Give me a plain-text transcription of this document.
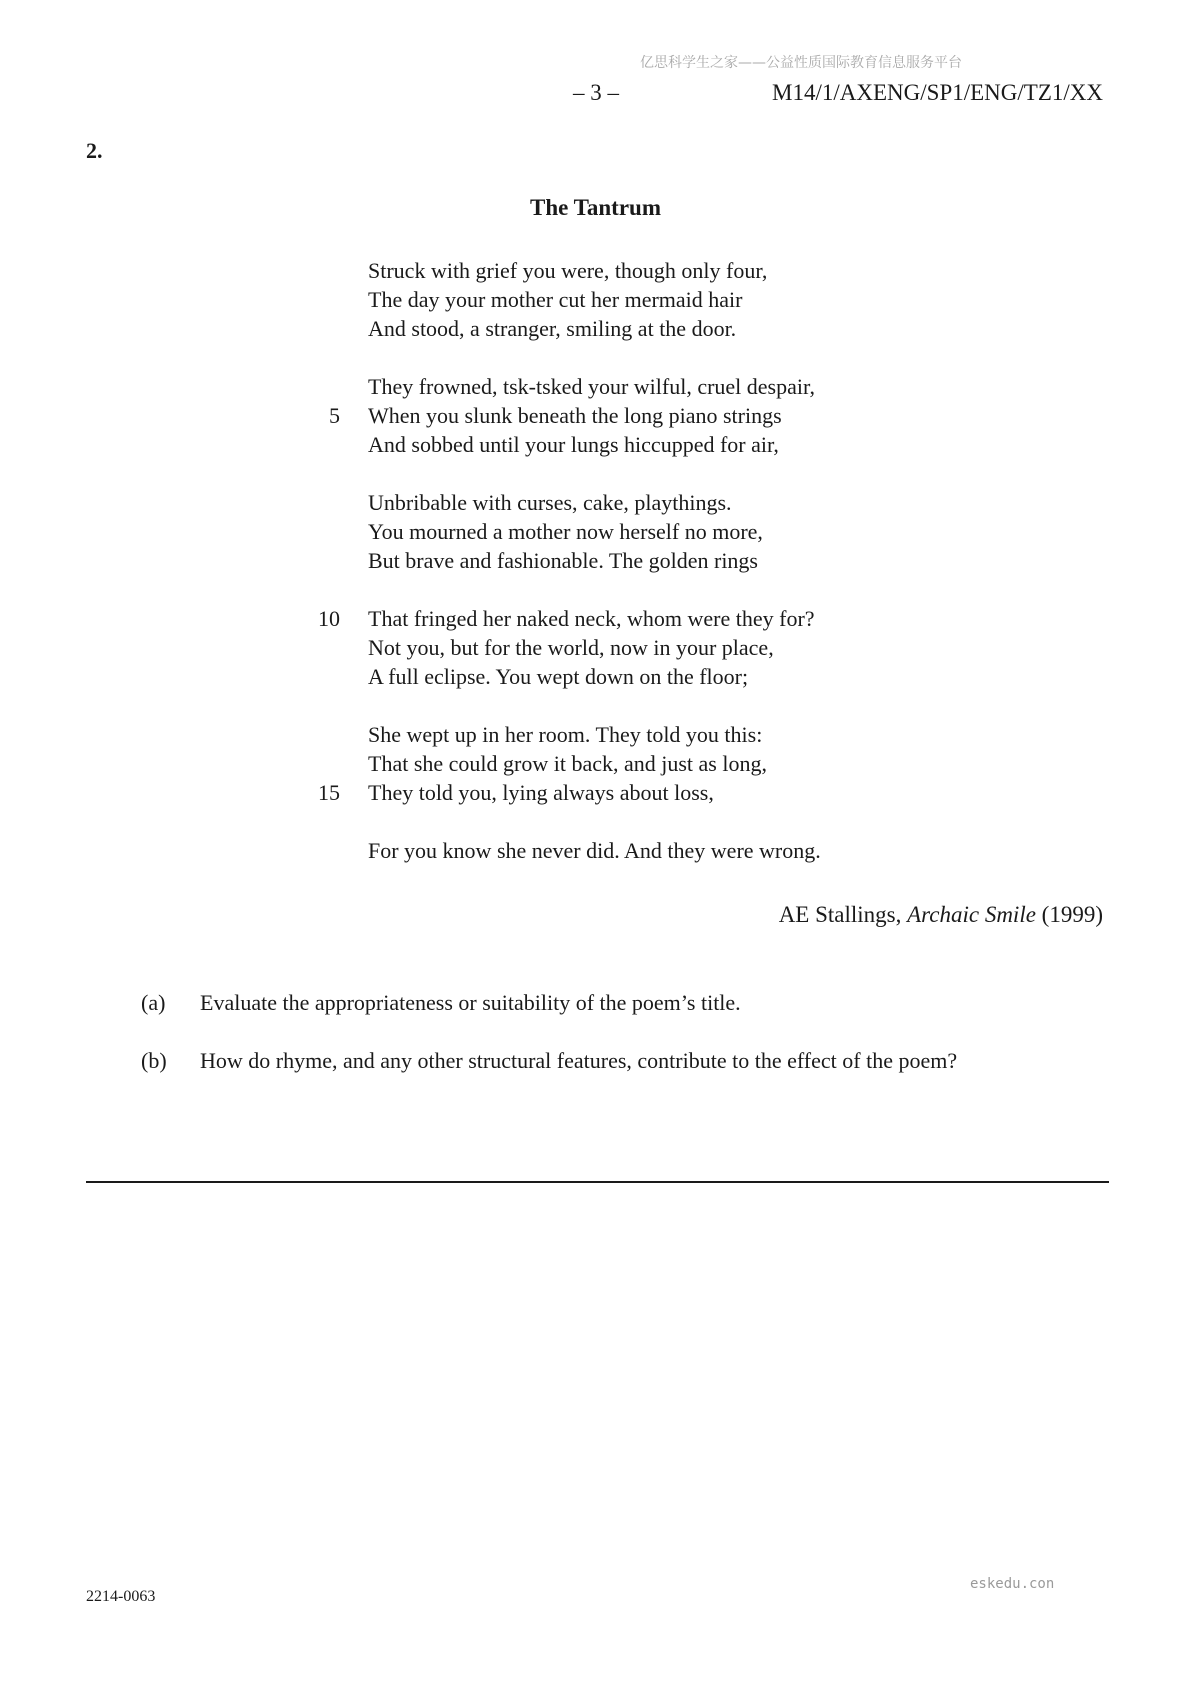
亿思科学生之家——公益性质国际教育信息服务平台
– 3 –	M14/1/AXENG/SP1/ENG/TZ1/XX
2.
The Tantrum
Struck with grief you were, though only four,
The day your mother cut her mermaid hair
And stood, a stranger, smiling at the door.
They frowned, tsk-tsked your wilful, cruel despair,
5 When you slunk beneath the long piano strings
And sobbed until your lungs hiccupped for air,
Unbribable with curses, cake, playthings.
You mourned a mother now herself no more,
But brave and fashionable. The golden rings
10 That fringed her naked neck, whom were they for?
Not you, but for the world, now in your place,
A full eclipse. You wept down on the floor;
She wept up in her room. They told you this:
That she could grow it back, and just as long,
15 They told you, lying always about loss,
For you know she never did. And they were wrong.
AE Stallings, Archaic Smile (1999)
(a) Evaluate the appropriateness or suitability of the poem’s title.
(b) How do rhyme, and any other structural features, contribute to the effect of the poem?
eskedu.con
2214-0063
